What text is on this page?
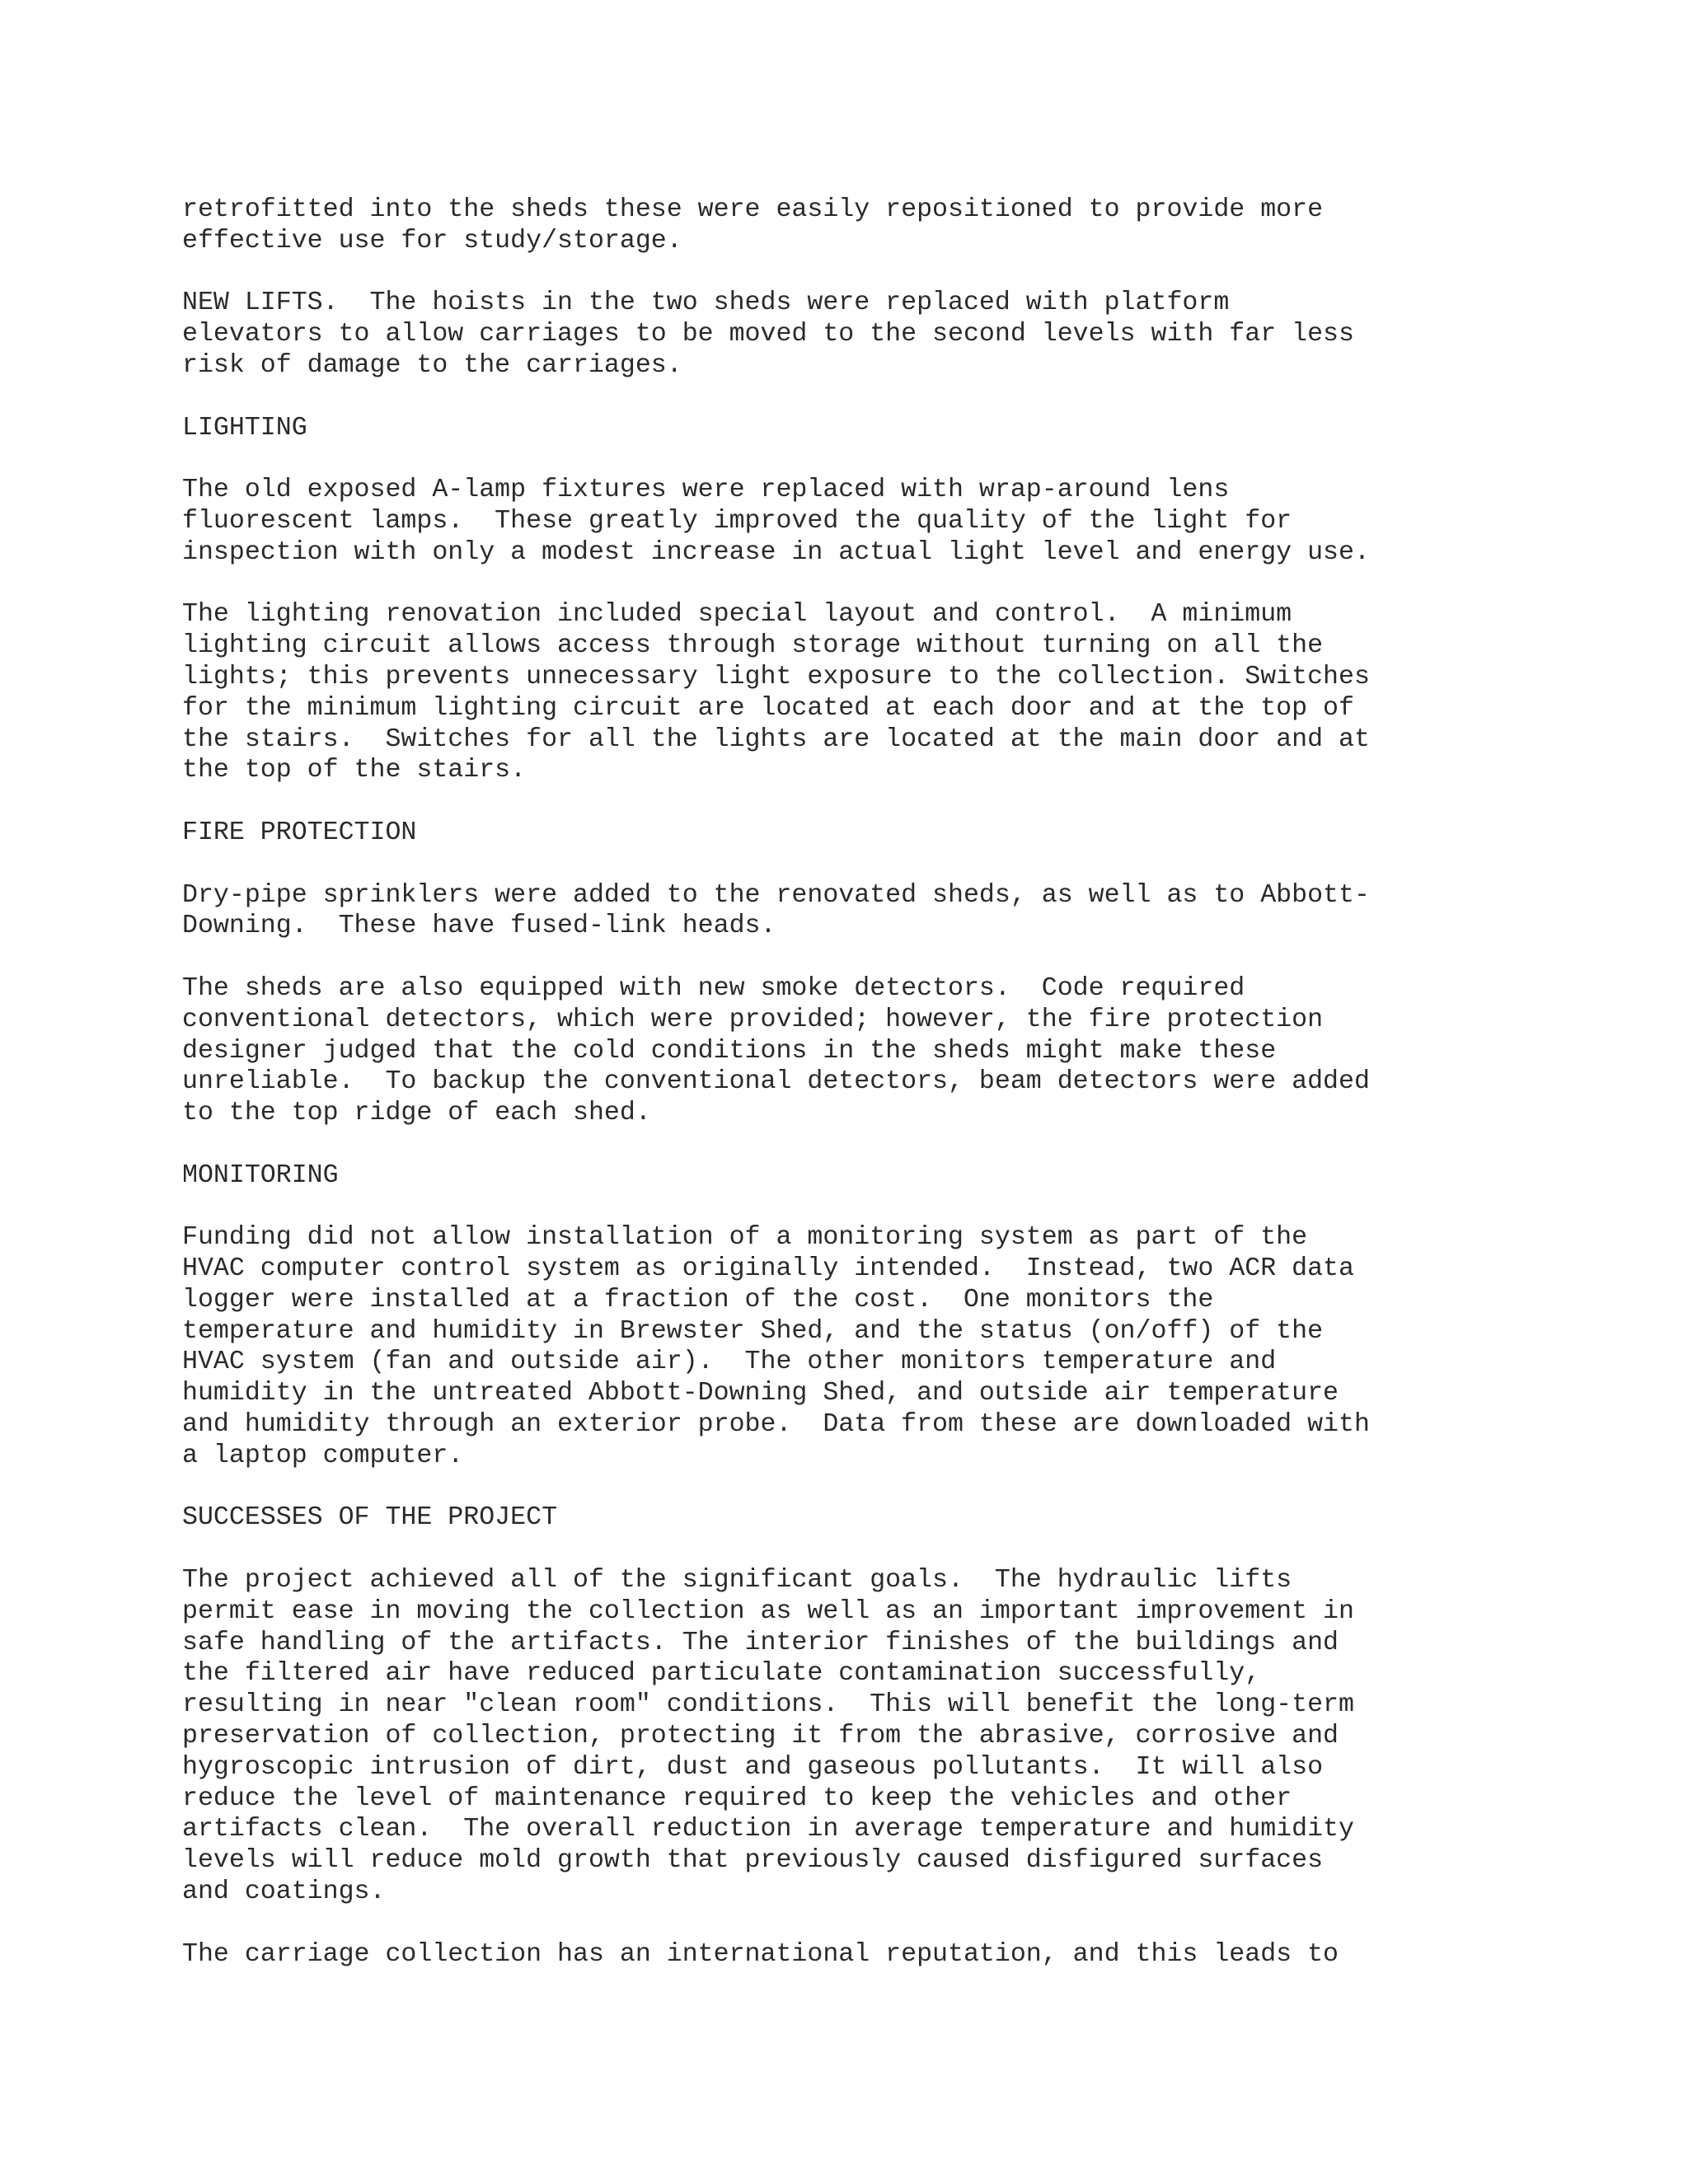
retrofitted into the sheds these were easily repositioned to provide more
effective use for study/storage.
NEW LIFTS.  The hoists in the two sheds were replaced with platform
elevators to allow carriages to be moved to the second levels with far less
risk of damage to the carriages.
LIGHTING
The old exposed A-lamp fixtures were replaced with wrap-around lens
fluorescent lamps.  These greatly improved the quality of the light for
inspection with only a modest increase in actual light level and energy use.
The lighting renovation included special layout and control.  A minimum
lighting circuit allows access through storage without turning on all the
lights; this prevents unnecessary light exposure to the collection. Switches
for the minimum lighting circuit are located at each door and at the top of
the stairs.  Switches for all the lights are located at the main door and at
the top of the stairs.
FIRE PROTECTION
Dry-pipe sprinklers were added to the renovated sheds, as well as to Abbott-
Downing.  These have fused-link heads.
The sheds are also equipped with new smoke detectors.  Code required
conventional detectors, which were provided; however, the fire protection
designer judged that the cold conditions in the sheds might make these
unreliable.  To backup the conventional detectors, beam detectors were added
to the top ridge of each shed.
MONITORING
Funding did not allow installation of a monitoring system as part of the
HVAC computer control system as originally intended.  Instead, two ACR data
logger were installed at a fraction of the cost.  One monitors the
temperature and humidity in Brewster Shed, and the status (on/off) of the
HVAC system (fan and outside air).  The other monitors temperature and
humidity in the untreated Abbott-Downing Shed, and outside air temperature
and humidity through an exterior probe.  Data from these are downloaded with
a laptop computer.
SUCCESSES OF THE PROJECT
The project achieved all of the significant goals.  The hydraulic lifts
permit ease in moving the collection as well as an important improvement in
safe handling of the artifacts. The interior finishes of the buildings and
the filtered air have reduced particulate contamination successfully,
resulting in near "clean room" conditions.  This will benefit the long-term
preservation of collection, protecting it from the abrasive, corrosive and
hygroscopic intrusion of dirt, dust and gaseous pollutants.  It will also
reduce the level of maintenance required to keep the vehicles and other
artifacts clean.  The overall reduction in average temperature and humidity
levels will reduce mold growth that previously caused disfigured surfaces
and coatings.
The carriage collection has an international reputation, and this leads to
